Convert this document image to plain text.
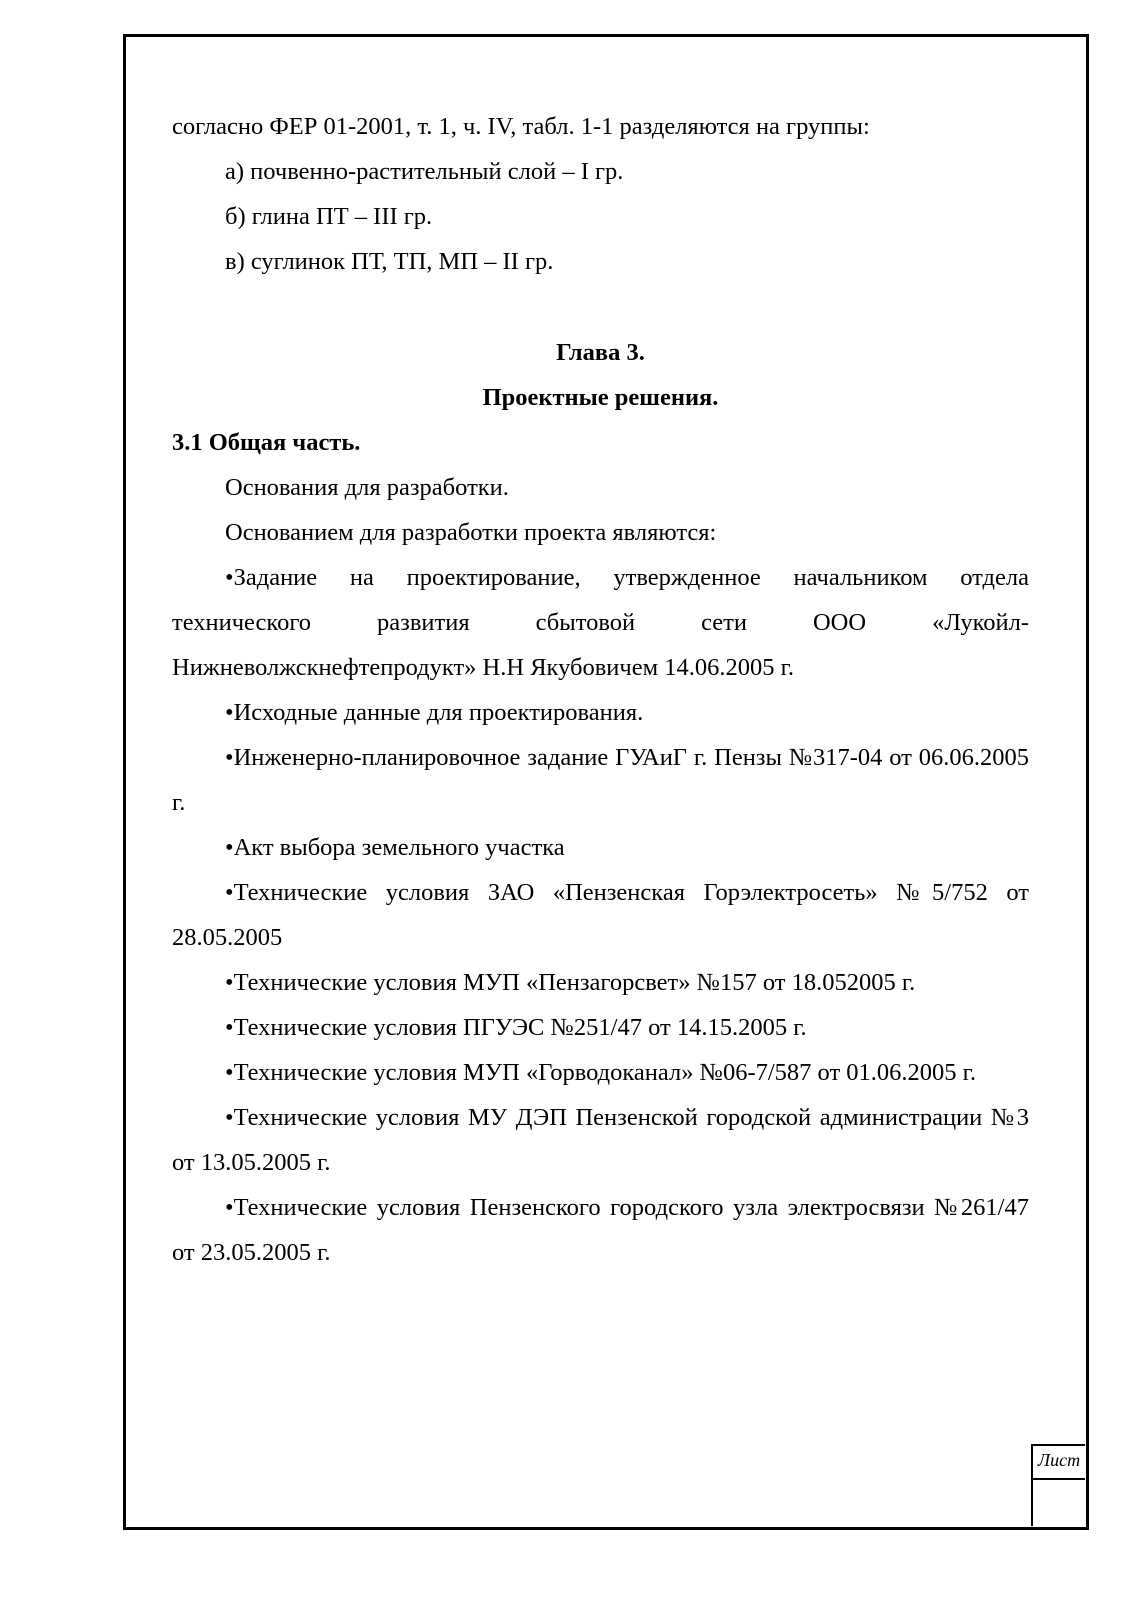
согласно ФЕР 01-2001, т. 1, ч. IV, табл. 1-1 разделяются на группы:

а) почвенно-растительный слой – I гр.

б) глина ПТ – III гр.

в) суглинок ПТ, ТП, МП – II гр.

Глава 3.

Проектные решения.

3.1 Общая часть.

Основания для разработки.

Основанием для разработки проекта являются:

•Задание на проектирование, утвержденное начальником отдела технического развития сбытовой сети ООО «Лукойл-Нижневолжскнефтепродукт» Н.Н Якубовичем 14.06.2005 г.

•Исходные данные для проектирования.

•Инженерно-планировочное задание ГУАиГ г. Пензы №317-04 от 06.06.2005 г.

•Акт выбора земельного участка

•Технические условия ЗАО «Пензенская Горэлектросеть» №5/752 от 28.05.2005

•Технические условия МУП «Пензагорсвет» №157 от 18.052005 г.

•Технические условия ПГУЭС №251/47 от 14.15.2005 г.

•Технические условия МУП «Горводоканал» №06-7/587 от 01.06.2005 г.

•Технические условия МУ ДЭП Пензенской городской администрации №3 от 13.05.2005 г.

•Технические условия Пензенского городского узла электросвязи №261/47 от 23.05.2005 г.

Лист
